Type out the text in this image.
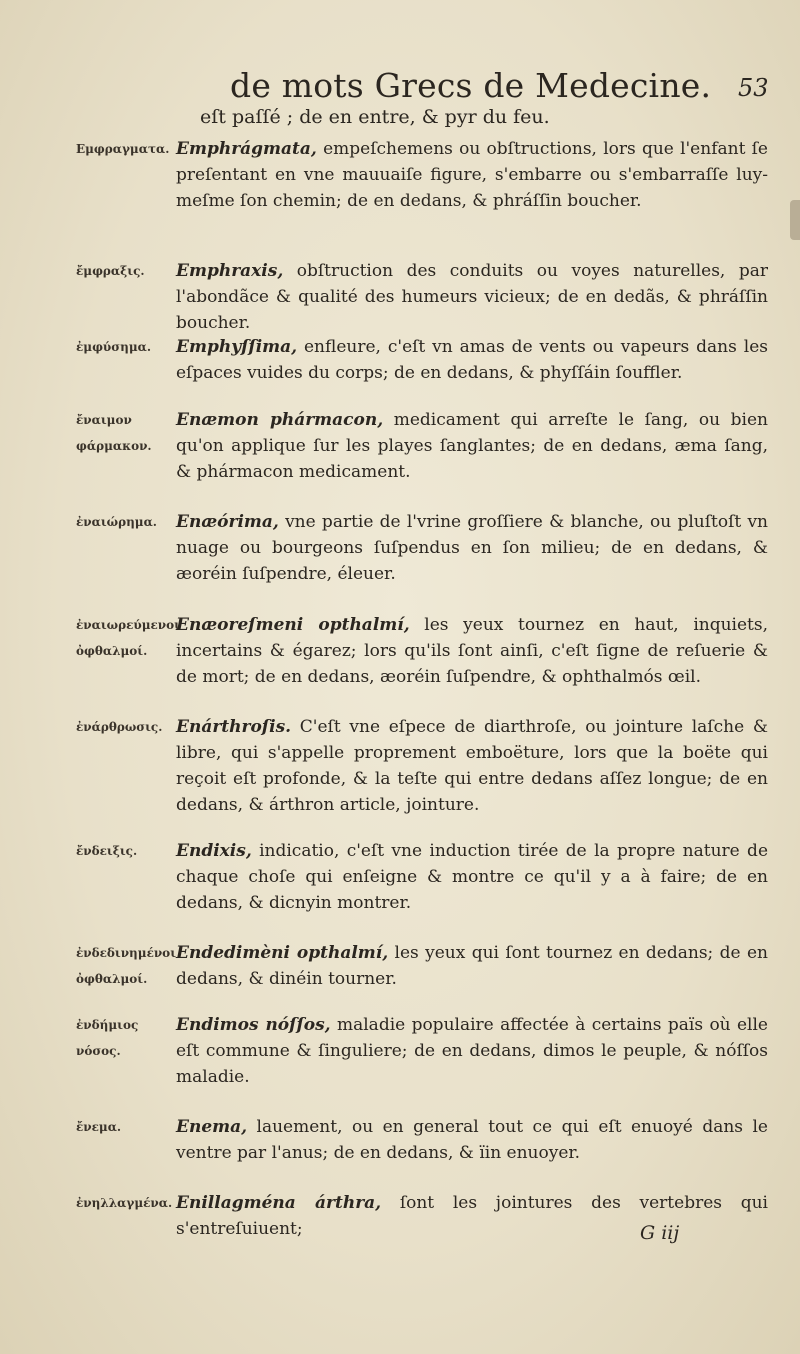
de mots Grecs de Medecine.	53
eſt paſſé ; de en entre, & pyr du feu.
Εμφραγματα. Emphrágmata, empeſchemens ou obſtructions, lors que l'enfant ſe preſentant en vne mauuaiſe figure, s'embarre ou s'embarraſſe luy-meſme ſon chemin; de en dedans, & phráſſin boucher.
ἔμφραξις.	Emphraxis, obſtruction des conduits ou voyes naturelles, par l'abondãce & qualité des humeurs vicieux; de en dedãs, & phráſſin boucher.
ἐμφύσημα.	Emphyſſima, enfleure, c'eſt vn amas de vents ou vapeurs dans les eſpaces vuides du corps; de en dedans, & phyſſáin ſouffler.
ἔναιμον φάρμακον.
Enæmon phármacon, medicament qui arreſte le ſang, ou bien qu'on applique ſur les playes ſanglantes; de en dedans, æma ſang, & phármacon medicament.
ἐναιώρημα.	Enæórima, vne partie de l'vrine groſſiere & blanche, ou pluſtoſt vn nuage ou bourgeons ſuſpendus en ſon milieu; de en dedans, & æoréin ſuſpendre, éleuer.
ἐναιωρεύμενοι ὀφθαλμοί.
Enæoreſmeni opthalmí, les yeux tournez en haut, inquiets, incertains & égarez; lors qu'ils ſont ainſi, c'eſt ſigne de reſuerie & de mort; de en dedans, æoréin ſuſpendre, & ophthalmós œil.
ἐνάρθρωσις. Enárthroſis. C'eſt vne eſpece de diarthroſe, ou jointure laſche & libre, qui s'appelle proprement emboëture, lors que la boëte qui reçoit eſt profonde, & la teſte qui entre dedans aſſez longue; de en dedans, & árthron article, jointure.
ἔνδειξις.	Endixis, indicatio, c'eſt vne induction tirée de la propre nature de chaque choſe qui enſeigne & montre ce qu'il y a à faire; de en dedans, & dicnyin montrer.
ἐνδεδινημένοι ὀφθαλμοί.
Endedimèni opthalmí, les yeux qui ſont tournez en dedans; de en dedans, & dinéin tourner.
ἐνδήμιος νόσος.
Endimos nóſſos, maladie populaire affectée à certains païs où elle eſt commune & ſinguliere; de en dedans, dimos le peuple, & nóſſos maladie.
ἔνεμα.	Enema, lauement, ou en general tout ce qui eſt enuoyé dans le ventre par l'anus; de en dedans, & ïin enuoyer.
ἐνηλλαγμένα. Enillagména árthra, ſont les jointures des vertebres qui s'entreſuiuent;	G iij
